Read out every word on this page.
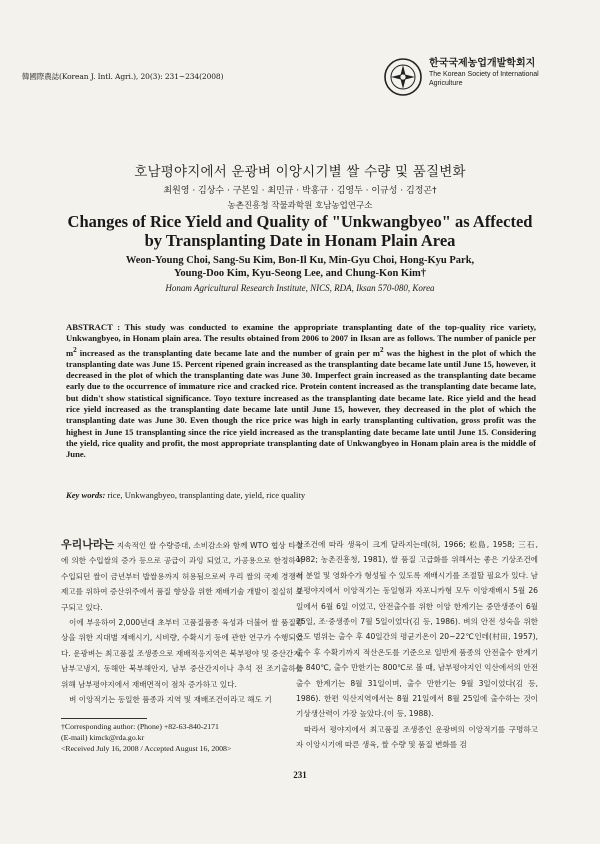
韓國際農誌(Korean J. Intl. Agri.), 20(3): 231~234(2008)
한국국제농업개발학회지
The Korean Society of International
Agriculture
호남평야지에서 운광벼 이앙시기별 쌀 수량 및 품질변화
최원영 · 김상수 · 구본일 · 최민규 · 박홍규 · 김영두 · 이규성 · 김정곤†
농촌진흥청 작물과학원 호남농업연구소
Changes of Rice Yield and Quality of "Unkwangbyeo" as Affected
by Transplanting Date in Honam Plain Area
Weon-Young Choi, Sang-Su Kim, Bon-Il Ku, Min-Gyu Choi, Hong-Kyu Park,
Young-Doo Kim, Kyu-Seong Lee, and Chung-Kon Kim†
Honam Agricultural Research Institute, NICS, RDA, Iksan 570-080, Korea
ABSTRACT : This study was conducted to examine the appropriate transplanting date of the top-quality rice variety, Unkwangbyeo, in Honam plain area. The results obtained from 2006 to 2007 in Iksan are as follows. The number of panicle per $m^2$ increased as the transplanting date became late and the number of grain per $m^2$ was the highest in the plot of which the transplanting date was June 15. Percent ripened grain increased as the transplanting date became late until June 15, however, it decreased in the plot of which the transplanting date was June 30. Imperfect grain increased as the transplanting date became early due to the occurrence of immature rice and cracked rice. Protein content increased as the transplanting date became late, but didn't show statistical significance. Toyo texture increased as the transplanting date became late. Rice yield and the head rice yield increased as the transplanting date became late until June 15, however, they decreased in the plot of which the transplanting date was June 30. Even though the rice price was high in early transplanting cultivation, gross profit was the highest in June 15 transplanting since the rice yield increased as the transplanting date became late until June 15. Considering the yield, rice quality and profit, the most appropriate transplanting date of Unkwangbyeo in Honam plain area is the middle of June.
Key words: rice, Unkwangbyeo, transplanting date, yield, rice quality

우리나라는 지속적인 쌀 수량증대, 소비감소와 함께 WTO 협상 타결에 의한 수입쌀의 증가 등으로 공급이 과잉 되었고, 가공용으로 한정하여 수입되던 쌀이 금년부터 밥쌀용까지 허용됨으로써 우리 쌀의 국제 경쟁력 제고를 위하여 증산위주에서 품질 향상을 위한 재배기술 개발이 절실히 요구되고 있다.

이에 부응하여 2,000년대 초부터 고품질품종 육성과 더불어 쌀 품질향상을 위한 지대별 재배시기, 시비량, 수확시기 등에 관한 연구가 수행되었다. 운광벼는 최고품질 조생종으로 재배적응지역은 북부평야 및 중산간지, 남부고냉지, 동해안 북부해안지, 남부 중산간지이나 추석 전 조기출하를 위해 남부평야지에서 재배면적이 점차 증가하고 있다.

벼 이앙적기는 동일한 품종과 지역 및 재배조건이라고 해도 기

상조건에 따라 생육이 크게 달라지는데(허, 1966; 松島, 1958; 三石, 1982; 농촌진흥청, 1981), 쌀 품질 고급화를 위해서는 좋은 기상조건에서 분얼 및 영화수가 형성될 수 있도록 재배시기를 조절할 필요가 있다. 남부평야지에서 이앙적기는 동일형과 자포니카형 모두 이앙재배시 5월 26일에서 6월 6일 이었고, 안전출수를 위한 이앙 한계기는 중만생종이 6월 25일, 조·중생종이 7월 5일이었다(김 등, 1986). 벼의 안전 성숙을 위한 온도 범위는 출수 후 40일간의 평균기온이 20~22℃인데(村田, 1957), 출수 후 수확기까지 적산온도를 기준으로 일반계 품종의 안전출수 한계기는 840℃, 출수 만한기는 800℃로 볼 때, 남부평야지인 익산에서의 안전 출수 한계기는 8월 31일이며, 출수 만한기는 9월 3일이었다(김 등, 1986). 한편 익산지역에서는 8월 21일에서 8월 25일에 출수하는 것이 기상생산력이 가장 높았다.(이 등, 1988).

따라서 평야지에서 최고품질 조생종인 운광벼의 이앙적기를 구명하고자 이앙시기에 따른 생육, 쌀 수량 및 품질 변화를 검

†Corresponding author: (Phone) +82-63-840-2171
(E-mail) kimck@rda.go.kr
<Received July 16, 2008 / Accepted August 16, 2008>
231
